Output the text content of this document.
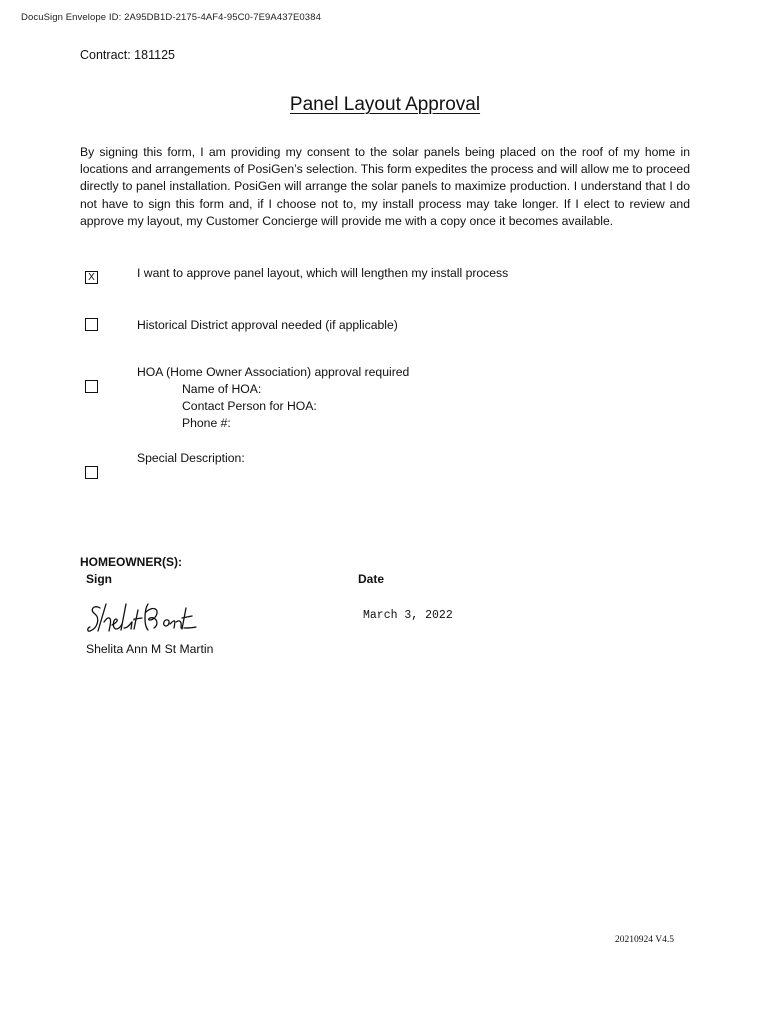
DocuSign Envelope ID: 2A95DB1D-2175-4AF4-95C0-7E9A437E0384
Contract: 181125
Panel Layout Approval

By signing this form, I am providing my consent to the solar panels being placed on the roof of my home in locations and arrangements of PosiGen’s selection. This form expedites the process and will allow me to proceed directly to panel installation. PosiGen will arrange the solar panels to maximize production. I understand that I do not have to sign this form and, if I choose not to, my install process may take longer. If I elect to review and approve my layout, my Customer Concierge will provide me with a copy once it becomes available.

X	I want to approve panel layout, which will lengthen my install process
Historical District approval needed (if applicable)
HOA (Home Owner Association) approval required
Name of HOA:
Contact Person for HOA:
Phone #:
Special Description:
HOMEOWNER(S):
Sign	Date
March 3, 2022
Shelita Ann M St Martin
20210924 V4.5
